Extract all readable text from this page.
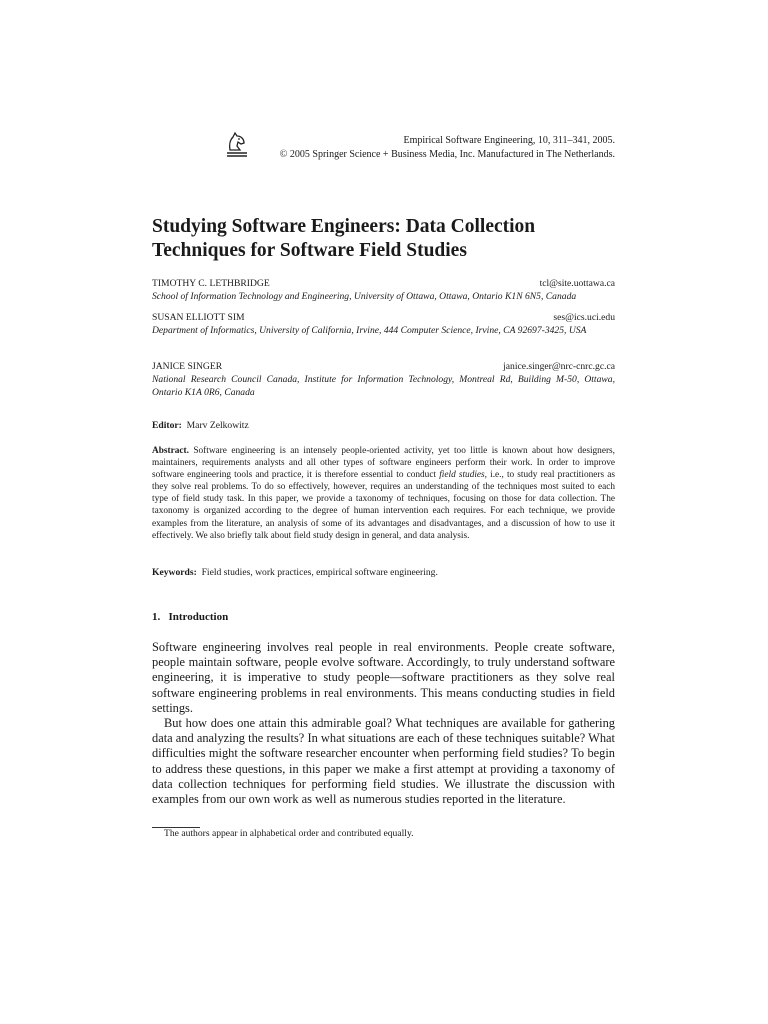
Empirical Software Engineering, 10, 311–341, 2005.
© 2005 Springer Science + Business Media, Inc. Manufactured in The Netherlands.
Studying Software Engineers: Data Collection
Techniques for Software Field Studies
TIMOTHY C. LETHBRIDGE	tcl@site.uottawa.ca
School of Information Technology and Engineering, University of Ottawa, Ottawa, Ontario K1N 6N5, Canada
SUSAN ELLIOTT SIM	ses@ics.uci.edu
Department of Informatics, University of California, Irvine, 444 Computer Science, Irvine, CA 92697-3425, USA
JANICE SINGER	janice.singer@nrc-cnrc.gc.ca
National Research Council Canada, Institute for Information Technology, Montreal Rd, Building M-50, Ottawa, Ontario K1A 0R6, Canada
Editor: Marv Zelkowitz
Abstract. Software engineering is an intensely people-oriented activity, yet too little is known about how designers, maintainers, requirements analysts and all other types of software engineers perform their work. In order to improve software engineering tools and practice, it is therefore essential to conduct field studies, i.e., to study real practitioners as they solve real problems. To do so effectively, however, requires an understanding of the techniques most suited to each type of field study task. In this paper, we provide a taxonomy of techniques, focusing on those for data collection. The taxonomy is organized according to the degree of human intervention each requires. For each technique, we provide examples from the literature, an analysis of some of its advantages and disadvantages, and a discussion of how to use it effectively. We also briefly talk about field study design in general, and data analysis.
Keywords: Field studies, work practices, empirical software engineering.
1.   Introduction

Software engineering involves real people in real environments. People create software, people maintain software, people evolve software. Accordingly, to truly understand software engineering, it is imperative to study people—software practitioners as they solve real software engineering problems in real environments. This means conducting studies in field settings.

But how does one attain this admirable goal? What techniques are available for gathering data and analyzing the results? In what situations are each of these techniques suitable? What difficulties might the software researcher encounter when performing field studies? To begin to address these questions, in this paper we make a first attempt at providing a taxonomy of data collection techniques for performing field studies. We illustrate the discussion with examples from our own work as well as numerous studies reported in the literature.

The authors appear in alphabetical order and contributed equally.
